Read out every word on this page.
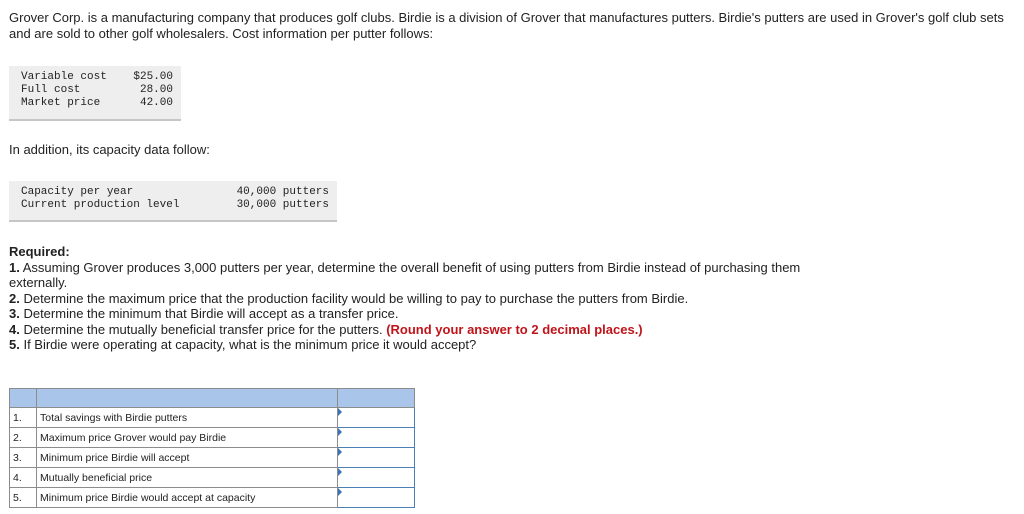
Grover Corp. is a manufacturing company that produces golf clubs. Birdie is a division of Grover that manufactures putters. Birdie's putters are used in Grover's golf club sets and are sold to other golf wholesalers. Cost information per putter follows:

Variable cost $25.00
Full cost	28.00
Market price	42.00

In addition, its capacity data follow:

Capacity per year	40,000 putters
Current production level	30,000 putters
Required:
1. Assuming Grover produces 3,000 putters per year, determine the overall benefit of using putters from Birdie instead of purchasing them externally.
2. Determine the maximum price that the production facility would be willing to pay to purchase the putters from Birdie.
3. Determine the minimum that Birdie will accept as a transfer price.
4. Determine the mutually beneficial transfer price for the putters. (Round your answer to 2 decimal places.)
5. If Birdie were operating at capacity, what is the minimum price it would accept?

1.	Total savings with Birdie putters	
2.	Maximum price Grover would pay Birdie	
3.	Minimum price Birdie will accept	
4.	Mutually beneficial price	
5.	Minimum price Birdie would accept at capacity	
